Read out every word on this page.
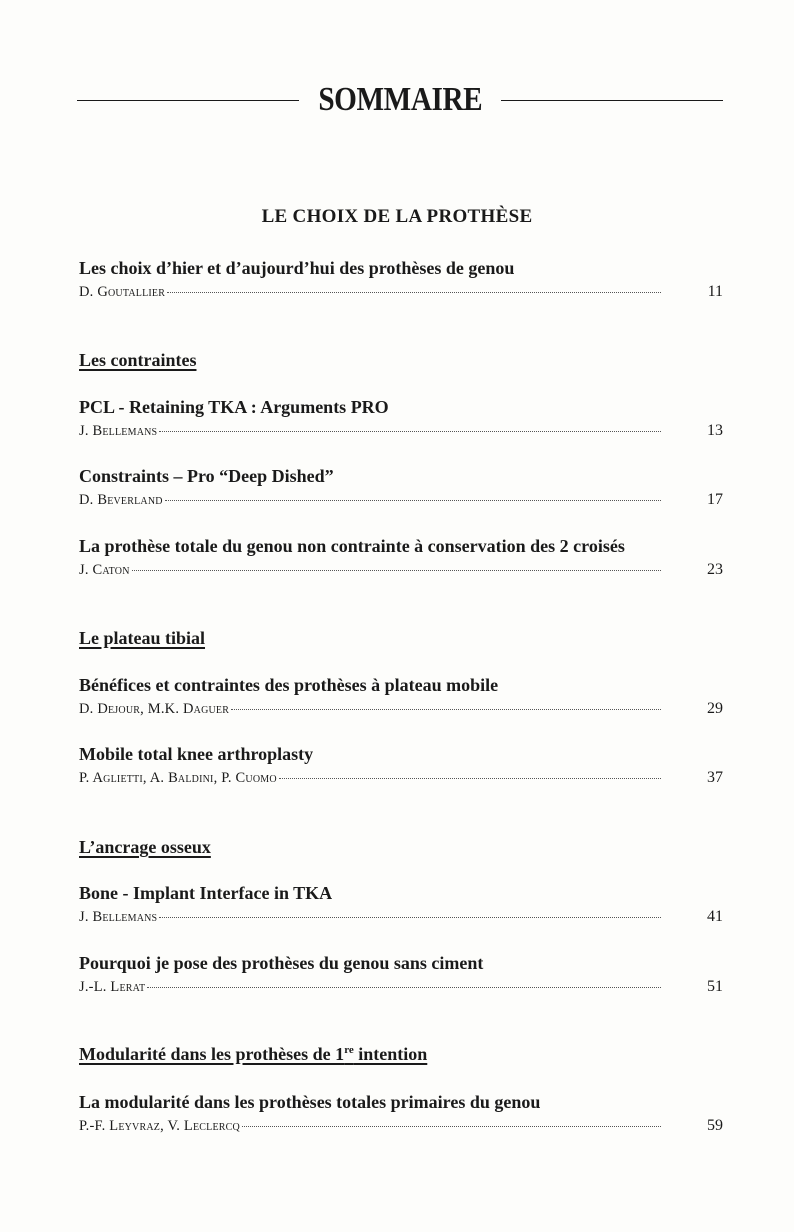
SOMMAIRE
LE CHOIX DE LA PROTHÈSE
Les choix d’hier et d’aujourd’hui des prothèses de genou
D. Goutallier	11
Les contraintes
PCL - Retaining TKA : Arguments PRO
J. Bellemans	13
Constraints – Pro “Deep Dished”
D. Beverland	17
La prothèse totale du genou non contrainte à conservation des 2 croisés
J. Caton	23
Le plateau tibial
Bénéfices et contraintes des prothèses à plateau mobile
D. Dejour, M.K. Daguer	29
Mobile total knee arthroplasty
P. Aglietti, A. Baldini, P. Cuomo	37
L’ancrage osseux
Bone - Implant Interface in TKA
J. Bellemans	41
Pourquoi je pose des prothèses du genou sans ciment
J.-L. Lerat	51
Modularité dans les prothèses de 1re intention
La modularité dans les prothèses totales primaires du genou
P.-F. Leyvraz, V. Leclercq	59
